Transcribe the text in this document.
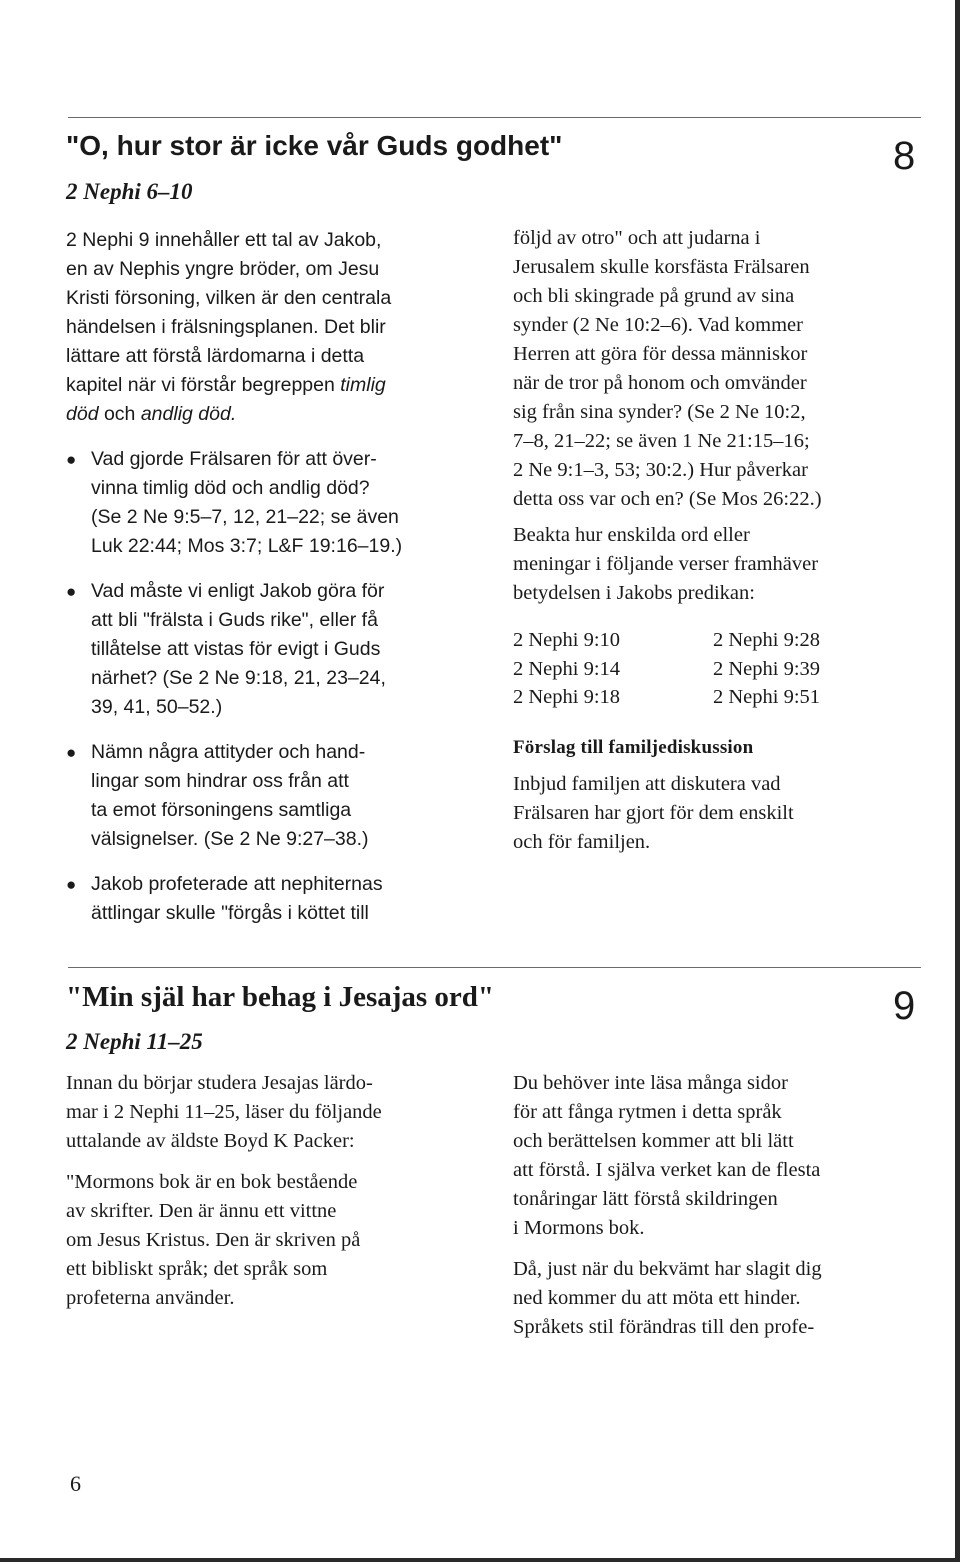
"O, hur stor är icke vår Guds godhet"	8
2 Nephi 6–10
2 Nephi 9 innehåller ett tal av Jakob,
en av Nephis yngre bröder, om Jesu
Kristi försoning, vilken är den centrala
händelsen i frälsningsplanen. Det blir
lättare att förstå lärdomarna i detta
kapitel när vi förstår begreppen timlig
död och andlig död.
● Vad gjorde Frälsaren för att över-
vinna timlig död och andlig död?
(Se 2 Ne 9:5–7, 12, 21–22; se även
Luk 22:44; Mos 3:7; L&F 19:16–19.)
● Vad måste vi enligt Jakob göra för
att bli "frälsta i Guds rike", eller få
tillåtelse att vistas för evigt i Guds
närhet? (Se 2 Ne 9:18, 21, 23–24,
39, 41, 50–52.)
● Nämn några attityder och hand-
lingar som hindrar oss från att
ta emot försoningens samtliga
välsignelser. (Se 2 Ne 9:27–38.)
● Jakob profeterade att nephiternas
ättlingar skulle "förgås i köttet till
följd av otro" och att judarna i
Jerusalem skulle korsfästa Frälsaren
och bli skingrade på grund av sina
synder (2 Ne 10:2–6). Vad kommer
Herren att göra för dessa människor
när de tror på honom och omvänder
sig från sina synder? (Se 2 Ne 10:2,
7–8, 21–22; se även 1 Ne 21:15–16;
2 Ne 9:1–3, 53; 30:2.) Hur påverkar
detta oss var och en? (Se Mos 26:22.)
Beakta hur enskilda ord eller
meningar i följande verser framhäver
betydelsen i Jakobs predikan:
2 Nephi 9:10	2 Nephi 9:28
2 Nephi 9:14	2 Nephi 9:39
2 Nephi 9:18	2 Nephi 9:51
Förslag till familjediskussion
Inbjud familjen att diskutera vad
Frälsaren har gjort för dem enskilt
och för familjen.
"Min själ har behag i Jesajas ord"	9
2 Nephi 11–25
Innan du börjar studera Jesajas lärdo-
mar i 2 Nephi 11–25, läser du följande
uttalande av äldste Boyd K Packer:
"Mormons bok är en bok bestående
av skrifter. Den är ännu ett vittne
om Jesus Kristus. Den är skriven på
ett bibliskt språk; det språk som
profeterna använder.
Du behöver inte läsa många sidor
för att fånga rytmen i detta språk
och berättelsen kommer att bli lätt
att förstå. I själva verket kan de flesta
tonåringar lätt förstå skildringen
i Mormons bok.
Då, just när du bekvämt har slagit dig
ned kommer du att möta ett hinder.
Språkets stil förändras till den profe-
6
